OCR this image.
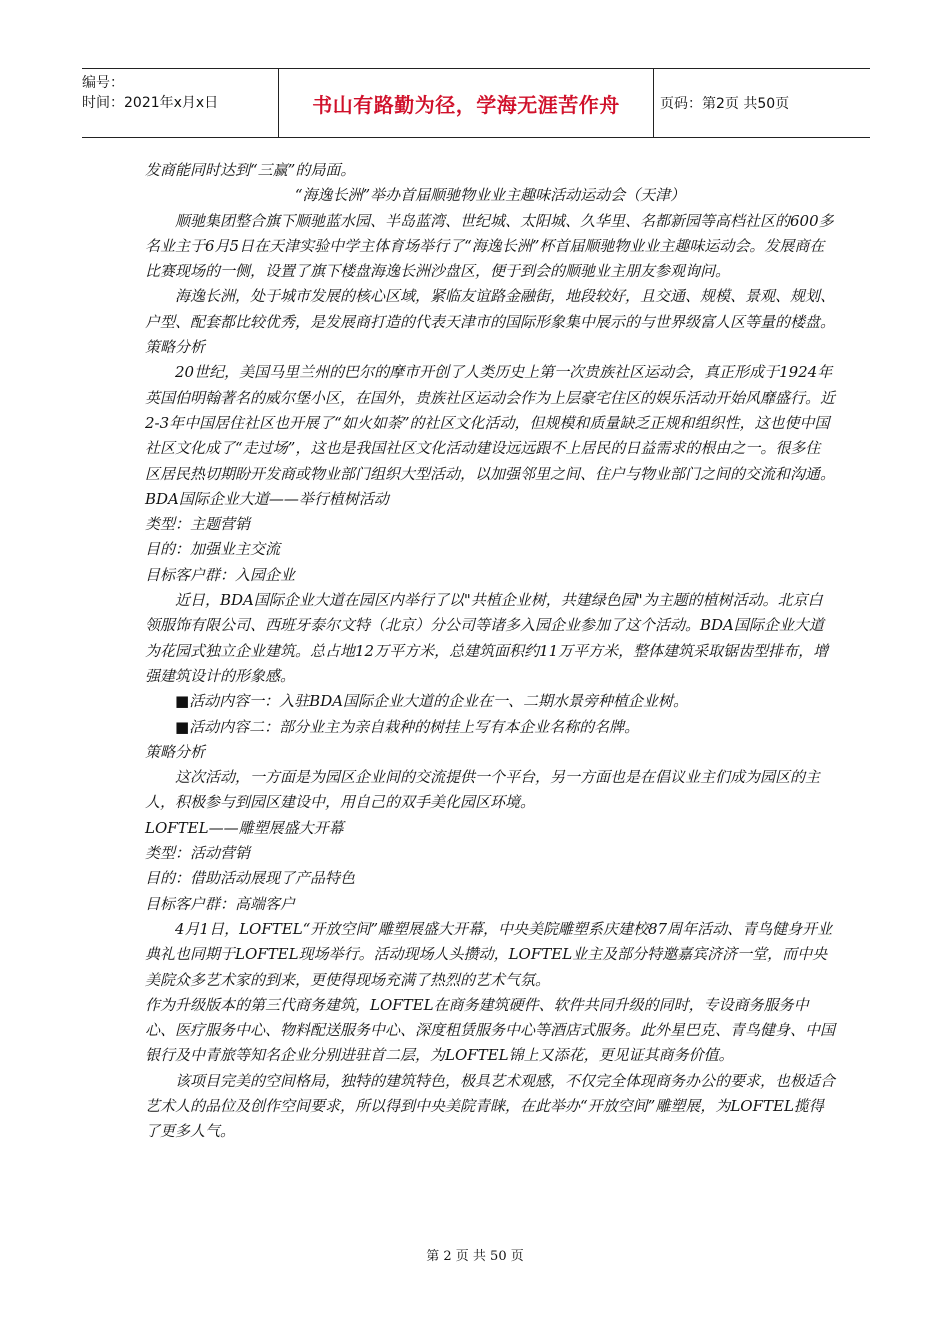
编号：
时间：2021年x月x日	书山有路勤为径，学海无涯苦作舟	页码：第2页 共50页

发商能同时达到“三赢”的局面。

“海逸长洲”举办首届顺驰物业业主趣味活动运动会（天津）

顺驰集团整合旗下顺驰蓝水园、半岛蓝湾、世纪城、太阳城、久华里、名都新园等高档社区的600多名业主于6月5日在天津实验中学主体育场举行了“海逸长洲”杯首届顺驰物业业主趣味运动会。发展商在比赛现场的一侧，设置了旗下楼盘海逸长洲沙盘区，便于到会的顺驰业主朋友参观询问。

海逸长洲，处于城市发展的核心区域，紧临友谊路金融街，地段较好，且交通、规模、景观、规划、户型、配套都比较优秀，是发展商打造的代表天津市的国际形象集中展示的与世界级富人区等量的楼盘。

策略分析

20世纪，美国马里兰州的巴尔的摩市开创了人类历史上第一次贵族社区运动会，真正形成于1924年英国伯明翰著名的威尔堡小区，在国外，贵族社区运动会作为上层豪宅住区的娱乐活动开始风靡盛行。近2-3年中国居住社区也开展了“如火如荼”的社区文化活动，但规模和质量缺乏正规和组织性，这也使中国社区文化成了“走过场”，这也是我国社区文化活动建设远远跟不上居民的日益需求的根由之一。很多住区居民热切期盼开发商或物业部门组织大型活动，以加强邻里之间、住户与物业部门之间的交流和沟通。

BDA国际企业大道——举行植树活动

类型：主题营销

目的：加强业主交流

目标客户群：入园企业

近日，BDA国际企业大道在园区内举行了以"共植企业树，共建绿色园"为主题的植树活动。北京白领服饰有限公司、西班牙泰尔文特（北京）分公司等诸多入园企业参加了这个活动。BDA国际企业大道为花园式独立企业建筑。总占地12万平方米，总建筑面积约11万平方米，整体建筑采取锯齿型排布，增强建筑设计的形象感。

■活动内容一：入驻BDA国际企业大道的企业在一、二期水景旁种植企业树。

■活动内容二：部分业主为亲自栽种的树挂上写有本企业名称的名牌。

策略分析

这次活动，一方面是为园区企业间的交流提供一个平台，另一方面也是在倡议业主们成为园区的主人，积极参与到园区建设中，用自己的双手美化园区环境。

LOFTEL——雕塑展盛大开幕

类型：活动营销

目的：借助活动展现了产品特色

目标客户群：高端客户

4月1日，LOFTEL“开放空间”雕塑展盛大开幕，中央美院雕塑系庆建校87周年活动、青鸟健身开业典礼也同期于LOFTEL现场举行。活动现场人头攒动，LOFTEL业主及部分特邀嘉宾济济一堂，而中央美院众多艺术家的到来，更使得现场充满了热烈的艺术气氛。

作为升级版本的第三代商务建筑，LOFTEL在商务建筑硬件、软件共同升级的同时，专设商务服务中心、医疗服务中心、物料配送服务中心、深度租赁服务中心等酒店式服务。此外星巴克、青鸟健身、中国银行及中青旅等知名企业分别进驻首二层，为LOFTEL锦上又添花，更见证其商务价值。

该项目完美的空间格局，独特的建筑特色，极具艺术观感，不仅完全体现商务办公的要求，也极适合艺术人的品位及创作空间要求，所以得到中央美院青睐，在此举办“开放空间”雕塑展，为LOFTEL揽得了更多人气。

第 2 页 共 50 页
